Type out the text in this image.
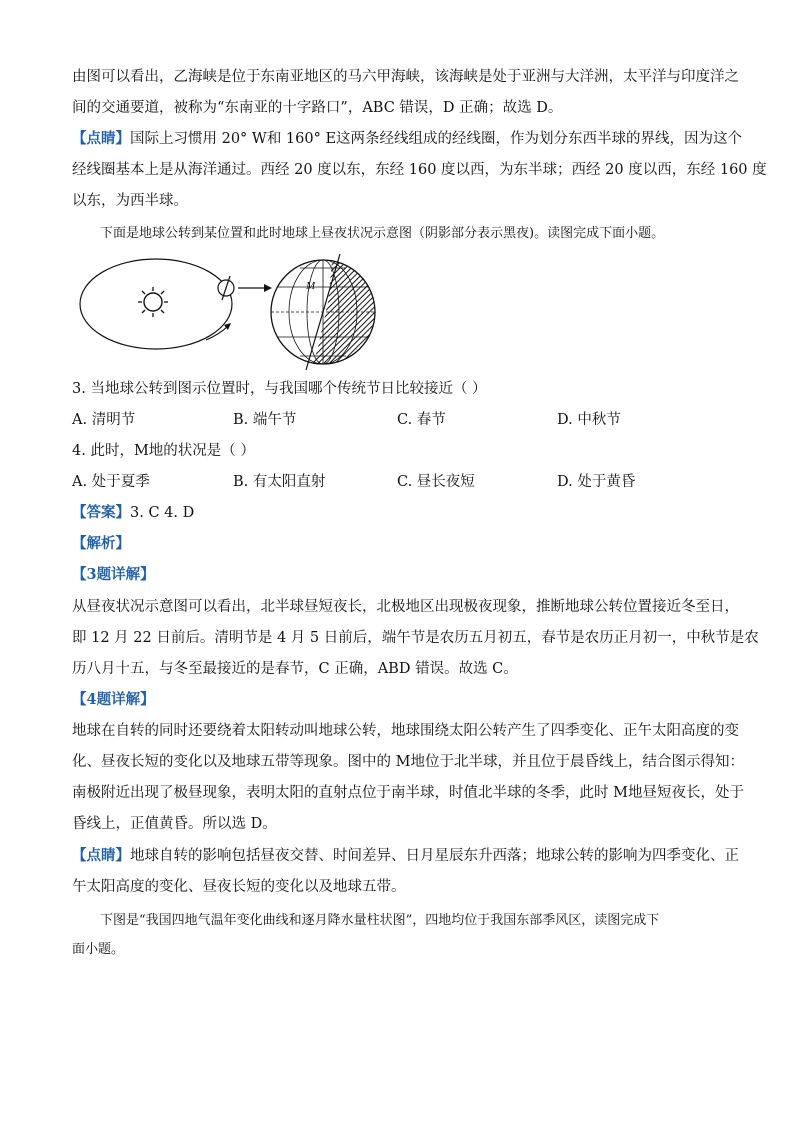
由图可以看出，乙海峡是位于东南亚地区的马六甲海峡，该海峡是处于亚洲与大洋洲，太平洋与印度洋之
间的交通要道，被称为“东南亚的十字路口”，ABC 错误，D 正确；故选 D。
【点睛】国际上习惯用 20° W和 160° E这两条经线组成的经线圈，作为划分东西半球的界线，因为这个
经线圈基本上是从海洋通过。西经 20 度以东，东经 160 度以西，为东半球；西经 20 度以西，东经 160 度
以东，为西半球。
下面是地球公转到某位置和此时地球上昼夜状况示意图（阴影部分表示黑夜)。读图完成下面小题。
M
3. 当地球公转到图示位置时，与我国哪个传统节日比较接近（ ）
A. 清明节	B. 端午节	C. 春节	D. 中秋节
4. 此时，M地的状况是（ ）
A. 处于夏季	B. 有太阳直射	C. 昼长夜短	D. 处于黄昏
【答案】3. C 4. D
【解析】
【3题详解】
从昼夜状况示意图可以看出，北半球昼短夜长，北极地区出现极夜现象，推断地球公转位置接近冬至日，
即 12 月 22 日前后。清明节是 4 月 5 日前后，端午节是农历五月初五，春节是农历正月初一，中秋节是农
历八月十五，与冬至最接近的是春节，C 正确，ABD 错误。故选 C。
【4题详解】
地球在自转的同时还要绕着太阳转动叫地球公转，地球围绕太阳公转产生了四季变化、正午太阳高度的变
化、昼夜长短的变化以及地球五带等现象。图中的 M地位于北半球，并且位于晨昏线上，结合图示得知：
南极附近出现了极昼现象，表明太阳的直射点位于南半球，时值北半球的冬季，此时 M地昼短夜长，处于
昏线上，正值黄昏。所以选 D。
【点睛】地球自转的影响包括昼夜交替、时间差异、日月星辰东升西落；地球公转的影响为四季变化、正
午太阳高度的变化、昼夜长短的变化以及地球五带。
下图是“我国四地气温年变化曲线和逐月降水量柱状图”，四地均位于我国东部季风区，读图完成下
面小题。
